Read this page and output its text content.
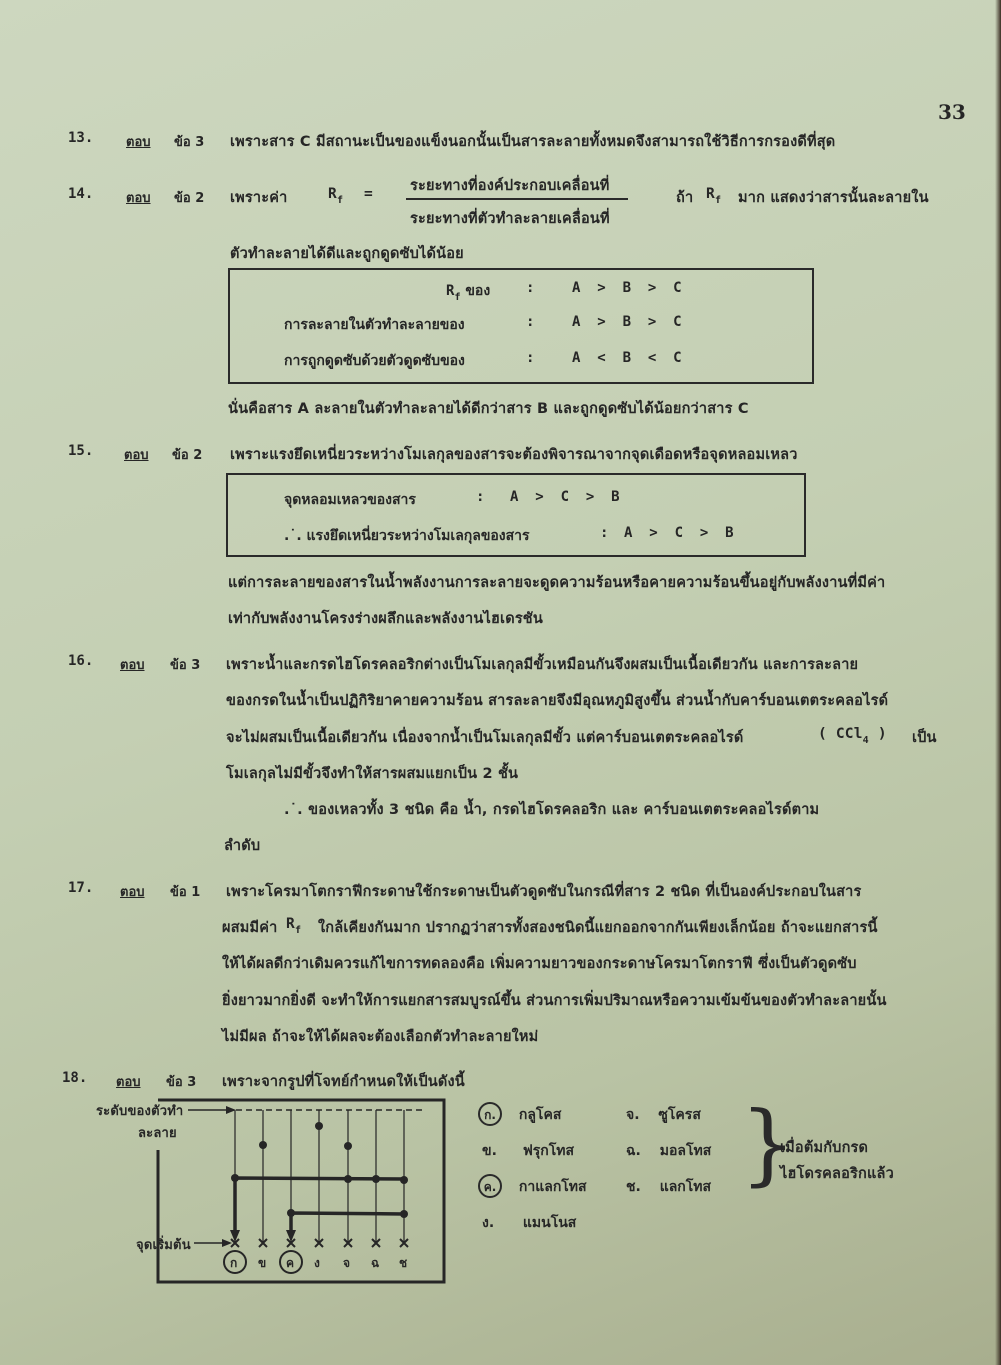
33
13.	ตอบ ข้อ 3 เพราะสาร C มีสถานะเป็นของแข็งนอกนั้นเป็นสารละลายทั้งหมดจึงสามารถใช้วิธีการกรองดีที่สุด
14.	ตอบ ข้อ 2 เพราะค่า	$R_f$ =	ระยะทางที่องค์ประกอบเคลื่อนที่
ระยะทางที่ตัวทำละลายเคลื่อนที่
ถ้า $R_f$ มาก แสดงว่าสารนั้นละลายใน
ตัวทำละลายได้ดีและถูกดูดซับได้น้อย
$R_f$ ของ	:	A  >  B  >  C
การละลายในตัวทำละลายของ	:	A  >  B  >  C
การถูกดูดซับด้วยตัวดูดซับของ	:	A  <  B  <  C
นั่นคือสาร A ละลายในตัวทำละลายได้ดีกว่าสาร B และถูกดูดซับได้น้อยกว่าสาร C
15. ตอบ ข้อ 2 เพราะแรงยึดเหนี่ยวระหว่างโมเลกุลของสารจะต้องพิจารณาจากจุดเดือดหรือจุดหลอมเหลว
จุดหลอมเหลวของสาร	: A  >  C  >  B
.˙. แรงยึดเหนี่ยวระหว่างโมเลกุลของสาร	: A  >  C  >  B
แต่การละลายของสารในน้ำพลังงานการละลายจะดูดความร้อนหรือคายความร้อนขึ้นอยู่กับพลังงานที่มีค่า
เท่ากับพลังงานโครงร่างผลึกและพลังงานไฮเดรชัน
16. ตอบ ข้อ 3 เพราะน้ำและกรดไฮโดรคลอริกต่างเป็นโมเลกุลมีขั้วเหมือนกันจึงผสมเป็นเนื้อเดียวกัน และการละลาย
ของกรดในน้ำเป็นปฏิกิริยาคายความร้อน สารละลายจึงมีอุณหภูมิสูงขึ้น ส่วนน้ำกับคาร์บอนเตตระคลอไรด์
จะไม่ผสมเป็นเนื้อเดียวกัน เนื่องจากน้ำเป็นโมเลกุลมีขั้ว แต่คาร์บอนเตตระคลอไรด์	( CCl$_4$ ) เป็น
โมเลกุลไม่มีขั้วจึงทำให้สารผสมแยกเป็น 2 ชั้น
.˙. ของเหลวทั้ง 3 ชนิด คือ น้ำ, กรดไฮโดรคลอริก และ คาร์บอนเตตระคลอไรด์ตาม
ลำดับ
17. ตอบ ข้อ 1 เพราะโครมาโตกราฟีกระดาษใช้กระดาษเป็นตัวดูดซับในกรณีที่สาร 2 ชนิด ที่เป็นองค์ประกอบในสาร
ผสมมีค่า $R_f$ ใกล้เคียงกันมาก ปรากฏว่าสารทั้งสองชนิดนี้แยกออกจากกันเพียงเล็กน้อย ถ้าจะแยกสารนี้
ให้ได้ผลดีกว่าเดิมควรแก้ไขการทดลองคือ เพิ่มความยาวของกระดาษโครมาโตกราฟี ซึ่งเป็นตัวดูดซับ
ยิ่งยาวมากยิ่งดี จะทำให้การแยกสารสมบูรณ์ขึ้น ส่วนการเพิ่มปริมาณหรือความเข้มข้นของตัวทำละลายนั้น
ไม่มีผล ถ้าจะให้ได้ผลจะต้องเลือกตัวทำละลายใหม่
18. ตอบ ข้อ 3 เพราะจากรูปที่โจทย์กำหนดให้เป็นดังนี้
ระดับของตัวทำ
ละลาย
จุดเริ่มต้น
ก ข ค ง จ ฉ ช
ก. กลูโคส
ข. ฟรุกโทส
ค. กาแลกโทส
ง. แมนโนส
จ. ซูโครส
ฉ. มอลโทส
ช. แลกโทส }
เมื่อต้มกับกรด
ไฮโดรคลอริกแล้ว
